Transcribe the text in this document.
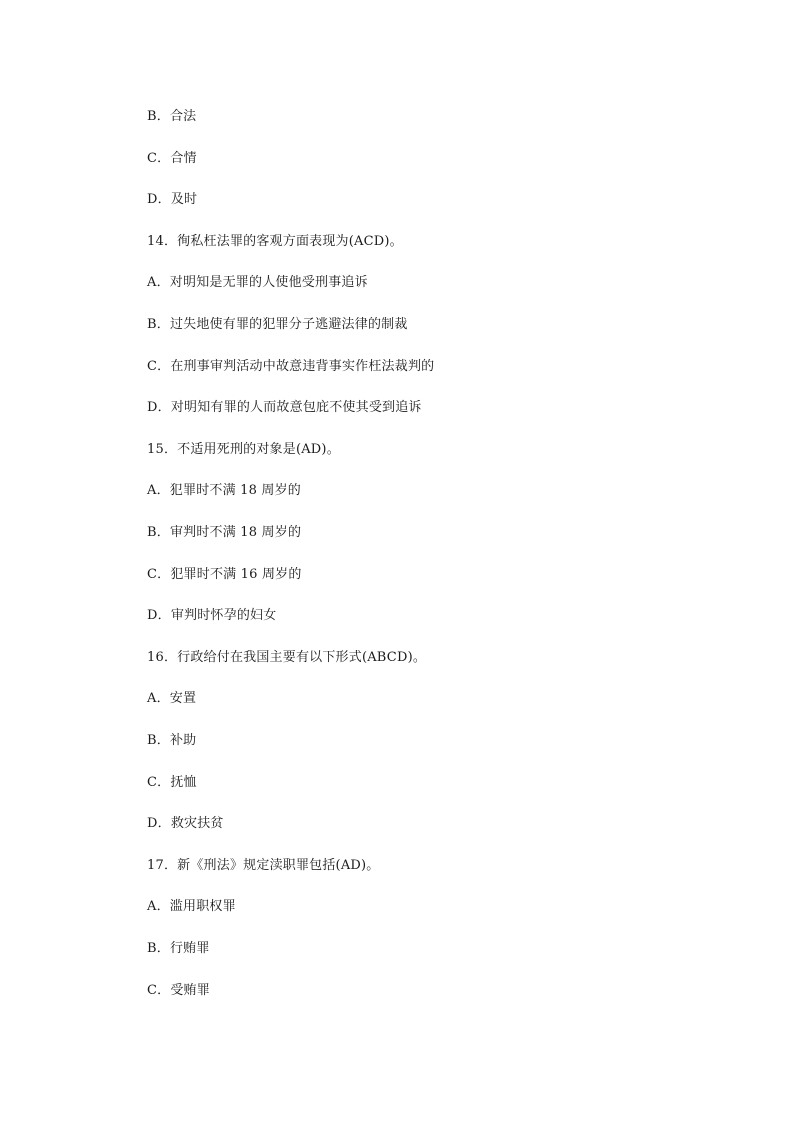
B．合法
C．合情
D．及时
14．徇私枉法罪的客观方面表现为(ACD)。
A．对明知是无罪的人使他受刑事追诉
B．过失地使有罪的犯罪分子逃避法律的制裁
C．在刑事审判活动中故意违背事实作枉法裁判的
D．对明知有罪的人而故意包庇不使其受到追诉
15．不适用死刑的对象是(AD)。
A．犯罪时不满 18 周岁的
B．审判时不满 18 周岁的
C．犯罪时不满 16 周岁的
D．审判时怀孕的妇女
16．行政给付在我国主要有以下形式(ABCD)。
A．安置
B．补助
C．抚恤
D．救灾扶贫
17．新《刑法》规定渎职罪包括(AD)。
A．滥用职权罪
B．行贿罪
C．受贿罪
